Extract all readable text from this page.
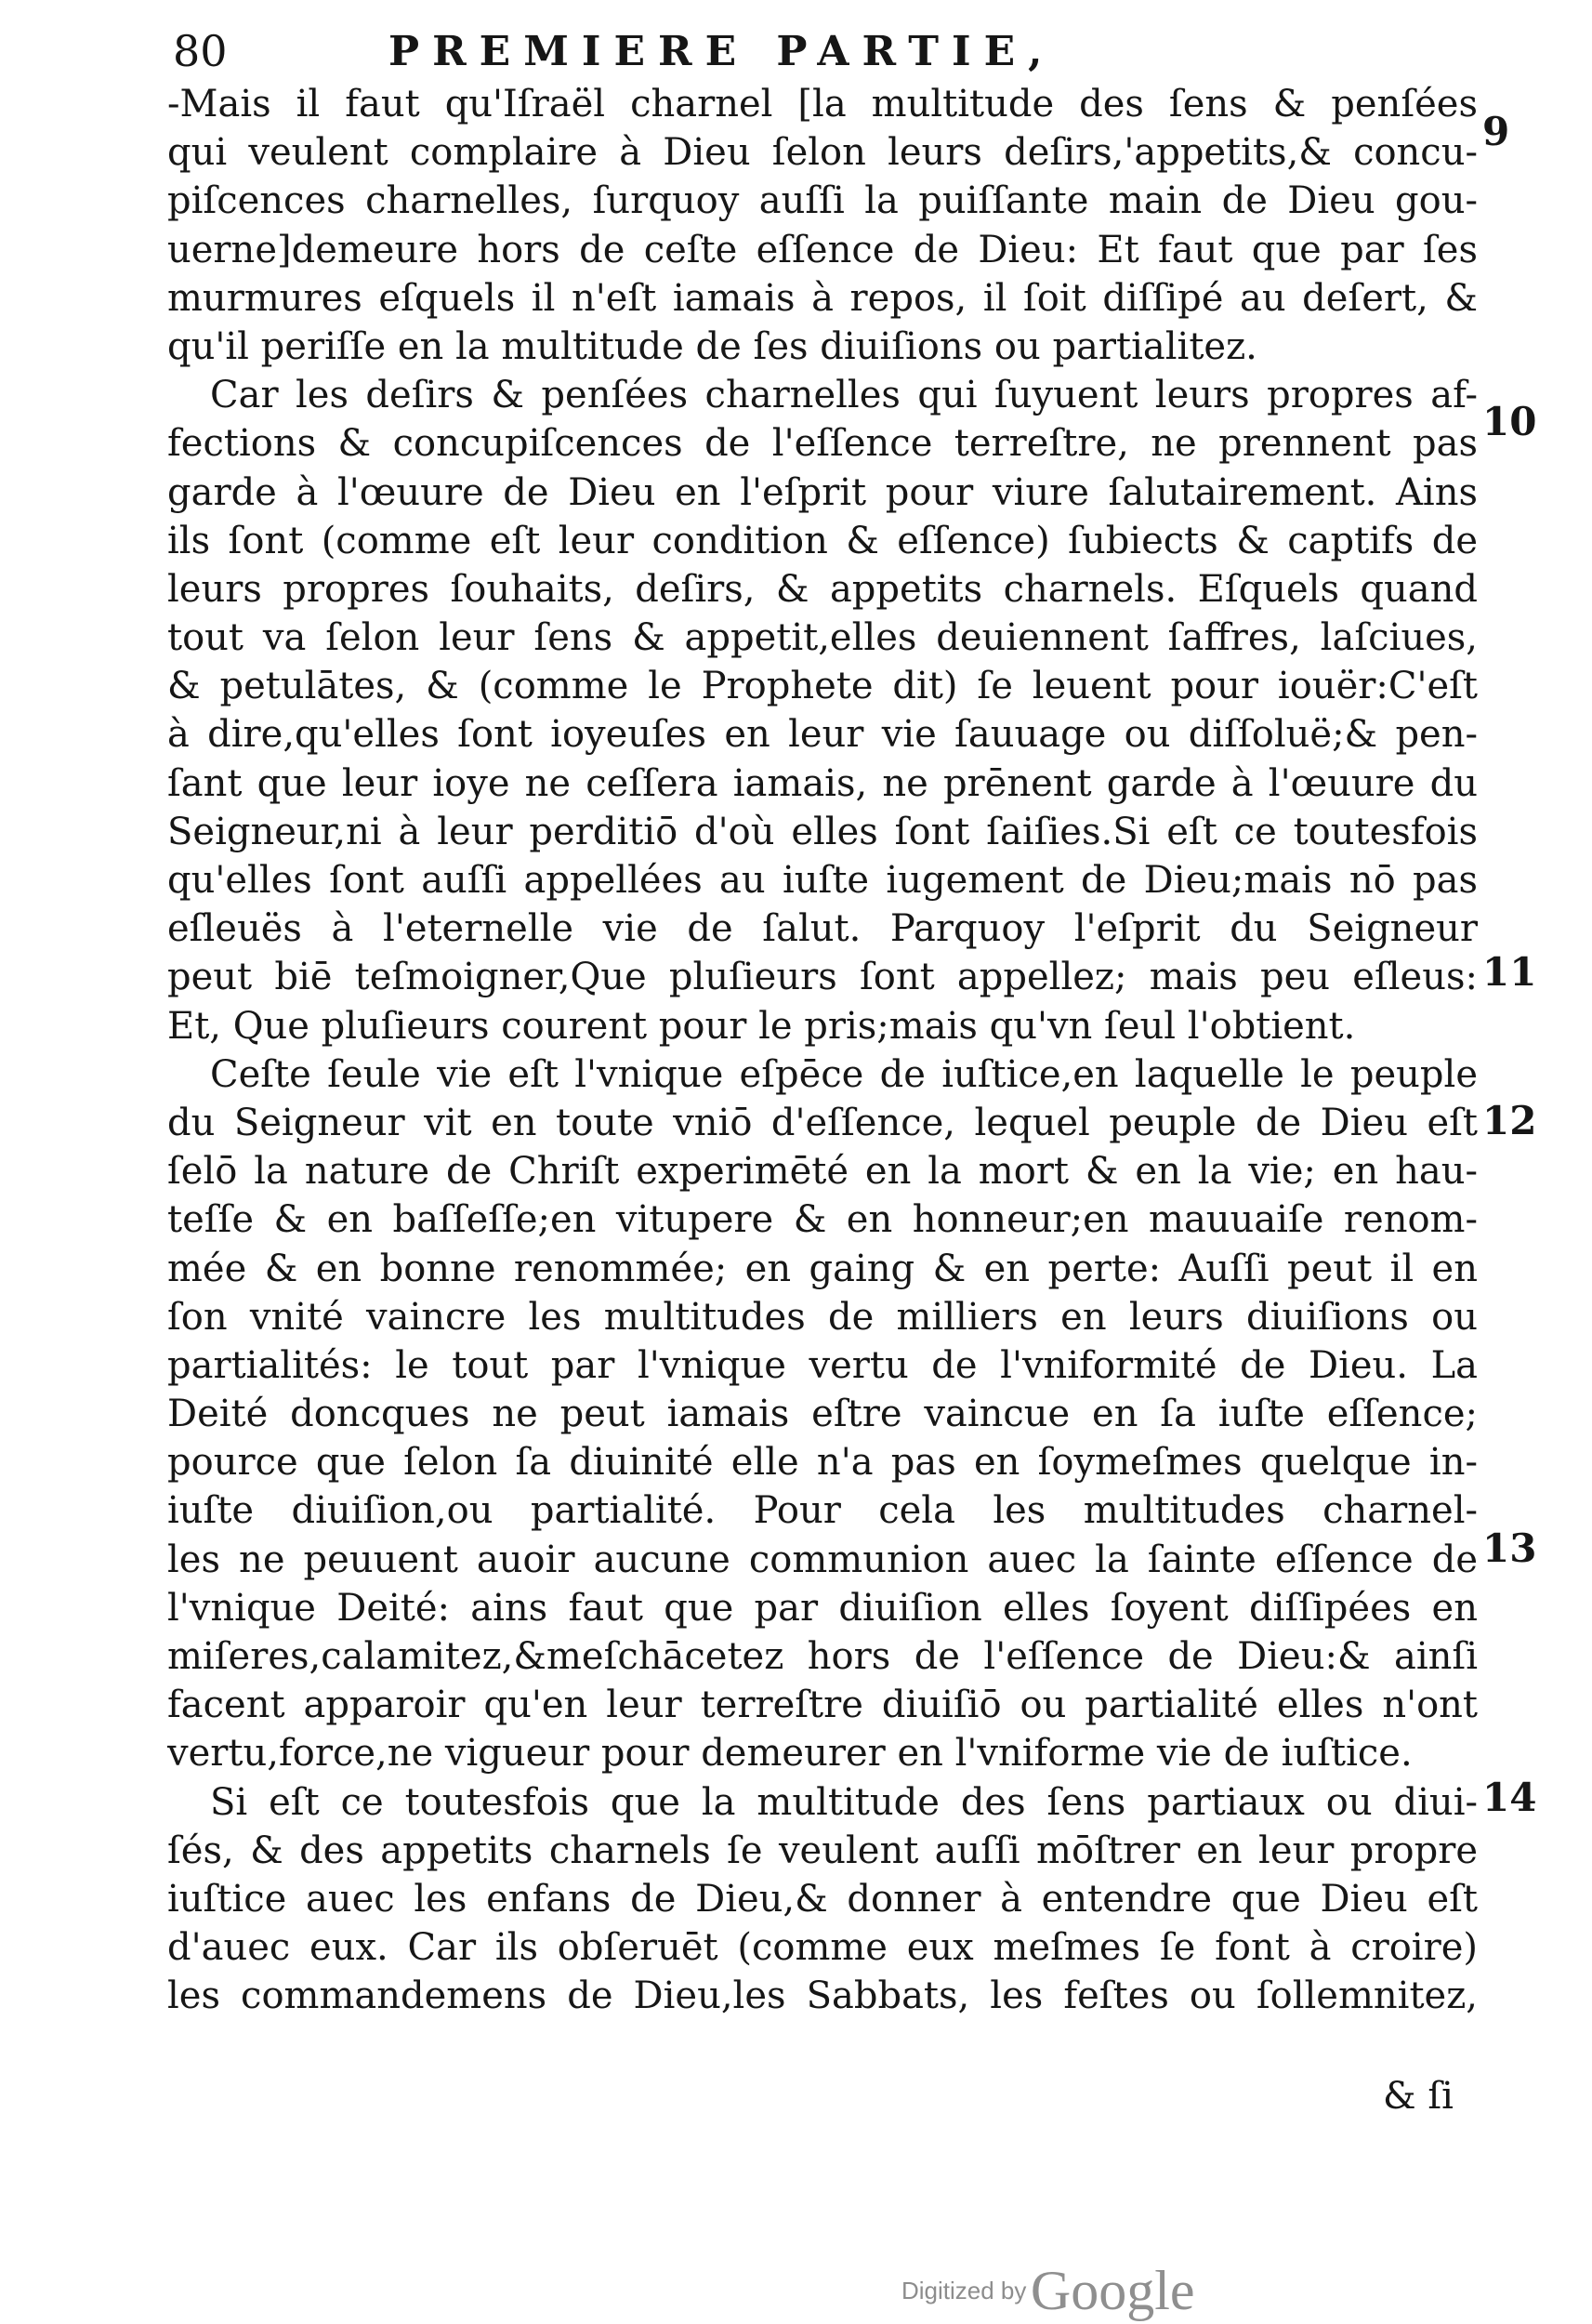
80	PREMIERE PARTIE,
-Mais il faut qu'Iſraël charnel [la multitude des ſens & penſées
qui veulent complaire à Dieu ſelon leurs deſirs,'appetits,& concu-
piſcences charnelles, ſurquoy auſſi la puiſſante main de Dieu gou-
uerne]demeure hors de ceſte eſſence de Dieu: Et faut que par ſes
murmures eſquels il n'eſt iamais à repos, il ſoit diſſipé au deſert, &
qu'il periſſe en la multitude de ſes diuiſions ou partialitez.
Car les deſirs & penſées charnelles qui ſuyuent leurs propres af-
fections & concupiſcences de l'eſſence terreſtre, ne prennent pas
garde à l'œuure de Dieu en l'eſprit pour viure ſalutairement. Ains
ils ſont (comme eſt leur condition & eſſence) ſubiects & captifs de
leurs propres ſouhaits, deſirs, & appetits charnels. Eſquels quand
tout va ſelon leur ſens & appetit,elles deuiennent ſaffres, laſciues,
& petulātes, & (comme le Prophete dit) ſe leuent pour iouër:C'eſt
à dire,qu'elles ſont ioyeuſes en leur vie ſauuage ou diſſoluë;& pen-
ſant que leur ioye ne ceſſera iamais, ne prēnent garde à l'œuure du
Seigneur,ni à leur perditiō d'où elles ſont ſaiſies.Si eſt ce toutesfois
qu'elles ſont auſſi appellées au iuſte iugement de Dieu;mais nō pas
eſleuës à l'eternelle vie de ſalut. Parquoy l'eſprit du Seigneur
peut biē teſmoigner,Que pluſieurs ſont appellez; mais peu eſleus:
Et, Que pluſieurs courent pour le pris;mais qu'vn ſeul l'obtient.
Ceſte ſeule vie eſt l'vnique eſpēce de iuſtice,en laquelle le peuple
du Seigneur vit en toute vniō d'eſſence, lequel peuple de Dieu eſt
ſelō la nature de Chriſt experimēté en la mort & en la vie; en hau-
teſſe & en baſſeſſe;en vitupere & en honneur;en mauuaiſe renom-
mée & en bonne renommée; en gaing & en perte: Auſſi peut il en
ſon vnité vaincre les multitudes de milliers en leurs diuiſions ou
partialités: le tout par l'vnique vertu de l'vniformité de Dieu. La
Deité doncques ne peut iamais eſtre vaincue en ſa iuſte eſſence;
pource que ſelon ſa diuinité elle n'a pas en ſoymeſmes quelque in-
iuſte diuiſion,ou partialité. Pour cela les multitudes charnel-
les ne peuuent auoir aucune communion auec la ſainte eſſence de
l'vnique Deité: ains faut que par diuiſion elles ſoyent diſſipées en
miſeres,calamitez,&meſchācetez hors de l'eſſence de Dieu:& ainſi
facent apparoir qu'en leur terreſtre diuiſiō ou partialité elles n'ont
vertu,force,ne vigueur pour demeurer en l'vniforme vie de iuſtice.
Si eſt ce toutesfois que la multitude des ſens partiaux ou diui-
ſés, & des appetits charnels ſe veulent auſſi mōſtrer en leur propre
iuſtice auec les enfans de Dieu,& donner à entendre que Dieu eſt
d'auec eux. Car ils obſeruēt (comme eux meſmes ſe font à croire)
les commandemens de Dieu,les Sabbats, les feſtes ou ſollemnitez,
9
10
11
12
13
14
& ſi
Digitized by Google
